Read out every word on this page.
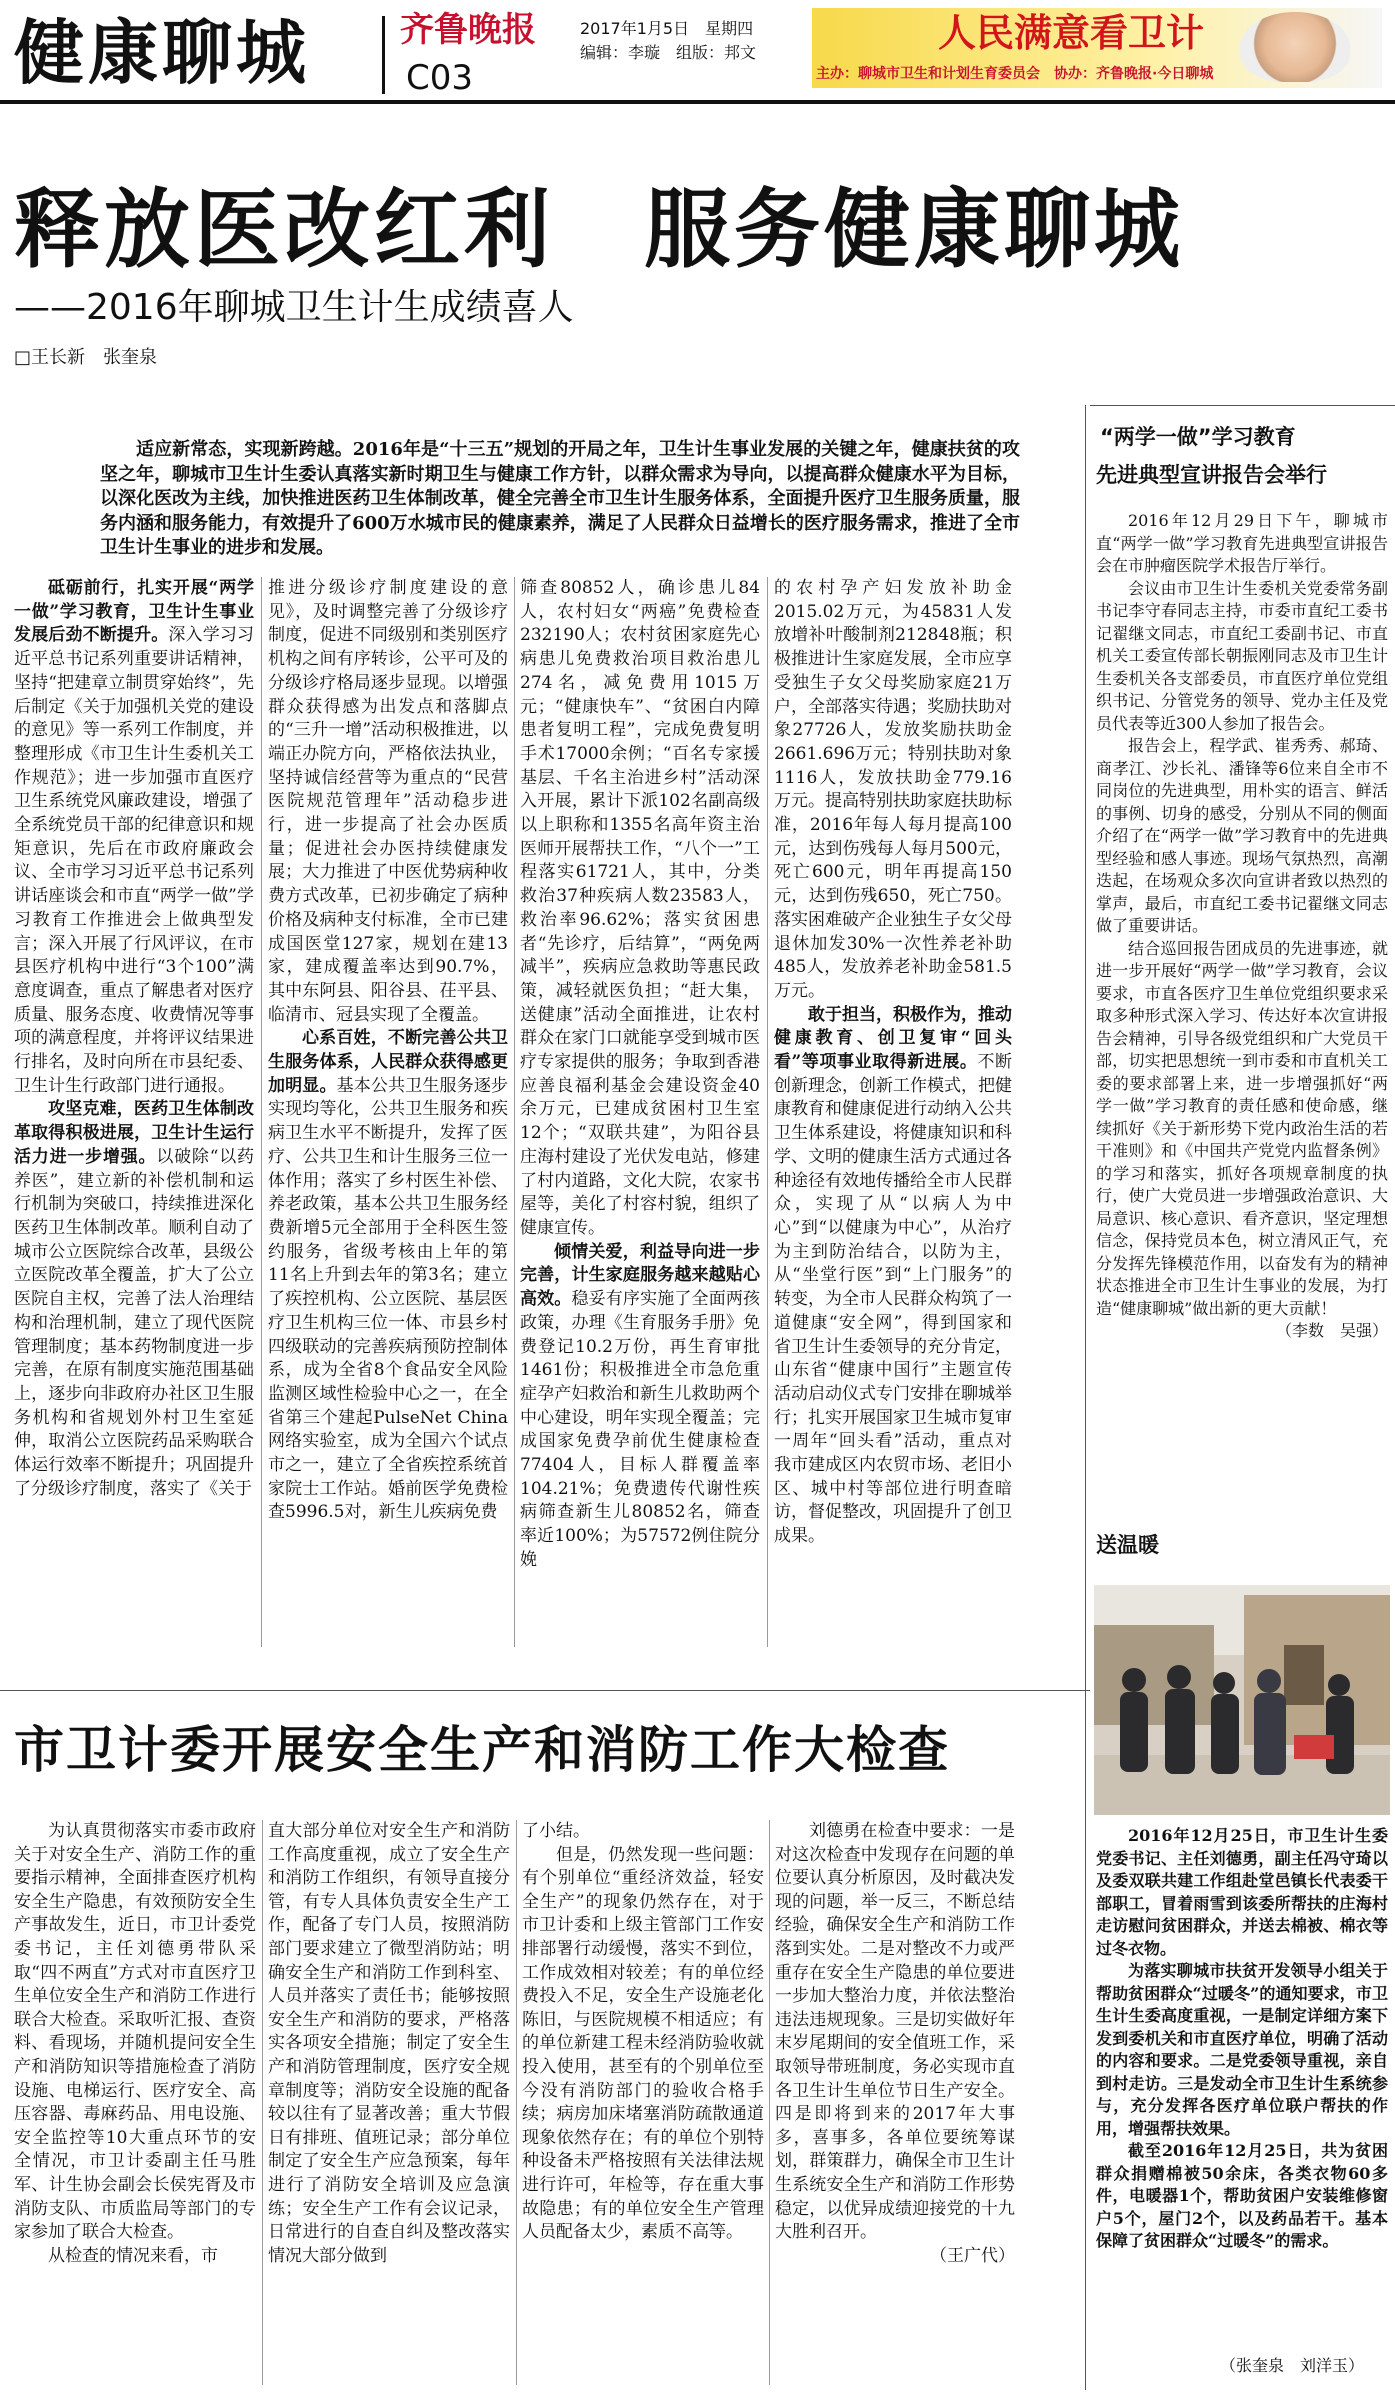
健康聊城	齐鲁晚报
C03
2017年1月5日　星期四
编辑：李璇　组版：邦文	人民满意看卫计
主办：聊城市卫生和计划生育委员会　协办：齐鲁晚报·今日聊城
释放医改红利　服务健康聊城
——2016年聊城卫生计生成绩喜人
□王长新　张奎泉

适应新常态，实现新跨越。2016年是“十三五”规划的开局之年，卫生计生事业发展的关键之年，健康扶贫的攻坚之年，聊城市卫生计生委认真落实新时期卫生与健康工作方针，以群众需求为导向，以提高群众健康水平为目标，以深化医改为主线，加快推进医药卫生体制改革，健全完善全市卫生计生服务体系，全面提升医疗卫生服务质量，服务内涵和服务能力，有效提升了600万水城市民的健康素养，满足了人民群众日益增长的医疗服务需求，推进了全市卫生计生事业的进步和发展。

砥砺前行，扎实开展“两学一做”学习教育，卫生计生事业发展后劲不断提升。深入学习习近平总书记系列重要讲话精神，坚持“把建章立制贯穿始终”，先后制定《关于加强机关党的建设的意见》等一系列工作制度，并整理形成《市卫生计生委机关工作规范》；进一步加强市直医疗卫生系统党风廉政建设，增强了全系统党员干部的纪律意识和规矩意识，先后在市政府廉政会议、全市学习习近平总书记系列讲话座谈会和市直“两学一做”学习教育工作推进会上做典型发言；深入开展了行风评议，在市县医疗机构中进行“3个100”满意度调查，重点了解患者对医疗质量、服务态度、收费情况等事项的满意程度，并将评议结果进行排名，及时向所在市县纪委、卫生计生行政部门进行通报。

攻坚克难，医药卫生体制改革取得积极进展，卫生计生运行活力进一步增强。以破除“以药养医”，建立新的补偿机制和运行机制为突破口，持续推进深化医药卫生体制改革。顺利自动了城市公立医院综合改革，县级公立医院改革全覆盖，扩大了公立医院自主权，完善了法人治理结构和治理机制，建立了现代医院管理制度；基本药物制度进一步完善，在原有制度实施范围基础上，逐步向非政府办社区卫生服务机构和省规划外村卫生室延伸，取消公立医院药品采购联合体运行效率不断提升；巩固提升了分级诊疗制度，落实了《关于

推进分级诊疗制度建设的意见》，及时调整完善了分级诊疗制度，促进不同级别和类别医疗机构之间有序转诊，公平可及的分级诊疗格局逐步显现。以增强群众获得感为出发点和落脚点的“三升一增”活动积极推进，以端正办院方向，严格依法执业，坚持诚信经营等为重点的“民营医院规范管理年”活动稳步进行，进一步提高了社会办医质量；促进社会办医持续健康发展；大力推进了中医优势病种收费方式改革，已初步确定了病种价格及病种支付标准，全市已建成国医堂127家，规划在建13家，建成覆盖率达到90.7%，其中东阿县、阳谷县、茌平县、临清市、冠县实现了全覆盖。

心系百姓，不断完善公共卫生服务体系，人民群众获得感更加明显。基本公共卫生服务逐步实现均等化，公共卫生服务和疾病卫生水平不断提升，发挥了医疗、公共卫生和计生服务三位一体作用；落实了乡村医生补偿、养老政策，基本公共卫生服务经费新增5元全部用于全科医生签约服务，省级考核由上年的第11名上升到去年的第3名；建立了疾控机构、公立医院、基层医疗卫生机构三位一体、市县乡村四级联动的完善疾病预防控制体系，成为全省8个食品安全风险监测区域性检验中心之一，在全省第三个建起PulseNet China网络实验室，成为全国六个试点市之一，建立了全省疾控系统首家院士工作站。婚前医学免费检查5996.5对，新生儿疾病免费

筛查80852人，确诊患儿84人，农村妇女“两癌”免费检查232190人；农村贫困家庭先心病患儿免费救治项目救治患儿274名，减免费用1015万元；“健康快车”、“贫困白内障患者复明工程”，完成免费复明手术17000余例；“百名专家援基层、千名主治进乡村”活动深入开展，累计下派102名副高级以上职称和1355名高年资主治医师开展帮扶工作，“八个一”工程落实61721人，其中，分类救治37种疾病人数23583人，救治率96.62%；落实贫困患者“先诊疗，后结算”，“两免两减半”，疾病应急救助等惠民政策，减轻就医负担；“赶大集，送健康”活动全面推进，让农村群众在家门口就能享受到城市医疗专家提供的服务；争取到香港应善良福利基金会建设资金40余万元，已建成贫困村卫生室12个；“双联共建”，为阳谷县庄海村建设了光伏发电站，修建了村内道路，文化大院，农家书屋等，美化了村容村貌，组织了健康宣传。

倾情关爱，利益导向进一步完善，计生家庭服务越来越贴心高效。稳妥有序实施了全面两孩政策，办理《生育服务手册》免费登记10.2万份，再生育审批1461份；积极推进全市急危重症孕产妇救治和新生儿救助两个中心建设，明年实现全覆盖；完成国家免费孕前优生健康检查77404人，目标人群覆盖率104.21%；免费遗传代谢性疾病筛查新生儿80852名，筛查率近100%；为57572例住院分娩

的农村孕产妇发放补助金2015.02万元，为45831人发放增补叶酸制剂212848瓶；积极推进计生家庭发展，全市应享受独生子女父母奖励家庭21万户，全部落实待遇；奖励扶助对象27726人，发放奖励扶助金2661.696万元；特别扶助对象1116人，发放扶助金779.16万元。提高特别扶助家庭扶助标准，2016年每人每月提高100元，达到伤残每人每月500元，死亡600元，明年再提高150元，达到伤残650，死亡750。落实困难破产企业独生子女父母退休加发30%一次性养老补助485人，发放养老补助金581.5万元。

敢于担当，积极作为，推动健康教育、创卫复审“回头看”等项事业取得新进展。不断创新理念，创新工作模式，把健康教育和健康促进行动纳入公共卫生体系建设，将健康知识和科学、文明的健康生活方式通过各种途径有效地传播给全市人民群众，实现了从“以病人为中心”到“以健康为中心”，从治疗为主到防治结合，以防为主，从“坐堂行医”到“上门服务”的转变，为全市人民群众构筑了一道健康“安全网”，得到国家和省卫生计生委领导的充分肯定，山东省“健康中国行”主题宣传活动启动仪式专门安排在聊城举行；扎实开展国家卫生城市复审一周年“回头看”活动，重点对我市建成区内农贸市场、老旧小区、城中村等部位进行明查暗访，督促整改，巩固提升了创卫成果。

“两学一做”学习教育
先进典型宣讲报告会举行

2016年12月29日下午，聊城市直“两学一做”学习教育先进典型宣讲报告会在市肿瘤医院学术报告厅举行。

会议由市卫生计生委机关党委常务副书记李守春同志主持，市委市直纪工委书记翟继文同志，市直纪工委副书记、市直机关工委宣传部长朝振刚同志及市卫生计生委机关各支部委员，市直医疗单位党组织书记、分管党务的领导、党办主任及党员代表等近300人参加了报告会。

报告会上，程学武、崔秀秀、郝琦、商孝江、沙长礼、潘锋等6位来自全市不同岗位的先进典型，用朴实的语言、鲜活的事例、切身的感受，分别从不同的侧面介绍了在“两学一做”学习教育中的先进典型经验和感人事迹。现场气氛热烈，高潮迭起，在场观众多次向宣讲者致以热烈的掌声，最后，市直纪工委书记翟继文同志做了重要讲话。

结合巡回报告团成员的先进事迹，就进一步开展好“两学一做”学习教育，会议要求，市直各医疗卫生单位党组织要求采取多种形式深入学习、传达好本次宣讲报告会精神，引导各级党组织和广大党员干部，切实把思想统一到市委和市直机关工委的要求部署上来，进一步增强抓好“两学一做”学习教育的责任感和使命感，继续抓好《关于新形势下党内政治生活的若干准则》和《中国共产党党内监督条例》的学习和落实，抓好各项规章制度的执行，使广大党员进一步增强政治意识、大局意识、核心意识、看齐意识，坚定理想信念，保持党员本色，树立清风正气，充分发挥先锋模范作用，以奋发有为的精神状态推进全市卫生计生事业的发展，为打造“健康聊城”做出新的更大贡献！

（李数　吴强）
送温暖

2016年12月25日，市卫生计生委党委书记、主任刘德勇，副主任冯守琦以及委双联共建工作组赴堂邑镇长代表委干部职工，冒着雨雪到该委所帮扶的庄海村走访慰问贫困群众，并送去棉被、棉衣等过冬衣物。

为落实聊城市扶贫开发领导小组关于帮助贫困群众“过暖冬”的通知要求，市卫生计生委高度重视，一是制定详细方案下发到委机关和市直医疗单位，明确了活动的内容和要求。二是党委领导重视，亲自到村走访。三是发动全市卫生计生系统参与，充分发挥各医疗单位联户帮扶的作用，增强帮扶效果。

截至2016年12月25日，共为贫困群众捐赠棉被50余床，各类衣物60多件，电暖器1个，帮助贫困户安装维修窗户5个，屋门2个，以及药品若干。基本保障了贫困群众“过暖冬”的需求。

（张奎泉　刘洋玉）
市卫计委开展安全生产和消防工作大检查

为认真贯彻落实市委市政府关于对安全生产、消防工作的重要指示精神，全面排查医疗机构安全生产隐患，有效预防安全生产事故发生，近日，市卫计委党委书记，主任刘德勇带队采取“四不两直”方式对市直医疗卫生单位安全生产和消防工作进行联合大检查。采取听汇报、查资料、看现场，并随机提问安全生产和消防知识等措施检查了消防设施、电梯运行、医疗安全、高压容器、毒麻药品、用电设施、安全监控等10大重点环节的安全情况，市卫计委副主任马胜军、计生协会副会长侯宪胥及市消防支队、市质监局等部门的专家参加了联合大检查。

从检查的情况来看，市

直大部分单位对安全生产和消防工作高度重视，成立了安全生产和消防工作组织，有领导直接分管，有专人具体负责安全生产工作，配备了专门人员，按照消防部门要求建立了微型消防站；明确安全生产和消防工作到科室、人员并落实了责任书；能够按照安全生产和消防的要求，严格落实各项安全措施；制定了安全生产和消防管理制度，医疗安全规章制度等；消防安全设施的配备较以往有了显著改善；重大节假日有排班、值班记录；部分单位制定了安全生产应急预案，每年进行了消防安全培训及应急演练；安全生产工作有会议记录，日常进行的自查自纠及整改落实情况大部分做到

了小结。

但是，仍然发现一些问题：有个别单位“重经济效益，轻安全生产”的现象仍然存在，对于市卫计委和上级主管部门工作安排部署行动缓慢，落实不到位，工作成效相对较差；有的单位经费投入不足，安全生产设施老化陈旧，与医院规模不相适应；有的单位新建工程未经消防验收就投入使用，甚至有的个别单位至今没有消防部门的验收合格手续；病房加床堵塞消防疏散通道现象依然存在；有的单位个别特种设备未严格按照有关法律法规进行许可，年检等，存在重大事故隐患；有的单位安全生产管理人员配备太少，素质不高等。

刘德勇在检查中要求：一是对这次检查中发现存在问题的单位要认真分析原因，及时截决发现的问题，举一反三，不断总结经验，确保安全生产和消防工作落到实处。二是对整改不力或严重存在安全生产隐患的单位要进一步加大整治力度，并依法整治违法违规现象。三是切实做好年末岁尾期间的安全值班工作，采取领导带班制度，务必实现市直各卫生计生单位节日生产安全。四是即将到来的2017年大事多，喜事多，各单位要统筹谋划，群策群力，确保全市卫生计生系统安全生产和消防工作形势稳定，以优异成绩迎接党的十九大胜利召开。

（王广代）
